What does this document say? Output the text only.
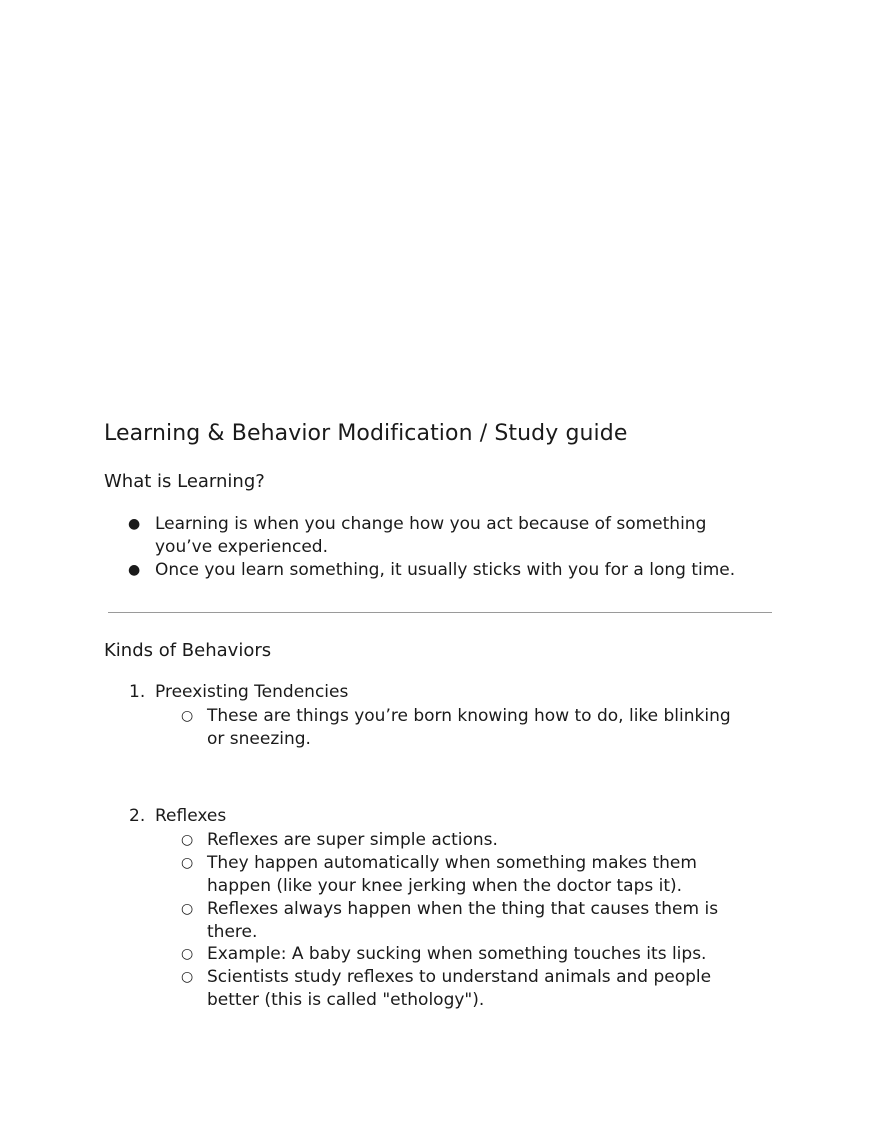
Learning & Behavior Modification / Study guide
What is Learning?
● Learning is when you change how you act because of something
you’ve experienced.
● Once you learn something, it usually sticks with you for a long time.
Kinds of Behaviors
1. Preexisting Tendencies
○ These are things you’re born knowing how to do, like blinking
or sneezing.
2. Reflexes
○ Reflexes are super simple actions.
○ They happen automatically when something makes them
happen (like your knee jerking when the doctor taps it).
○ Reflexes always happen when the thing that causes them is
there.
○ Example: A baby sucking when something touches its lips.
○ Scientists study reflexes to understand animals and people
better (this is called "ethology").
